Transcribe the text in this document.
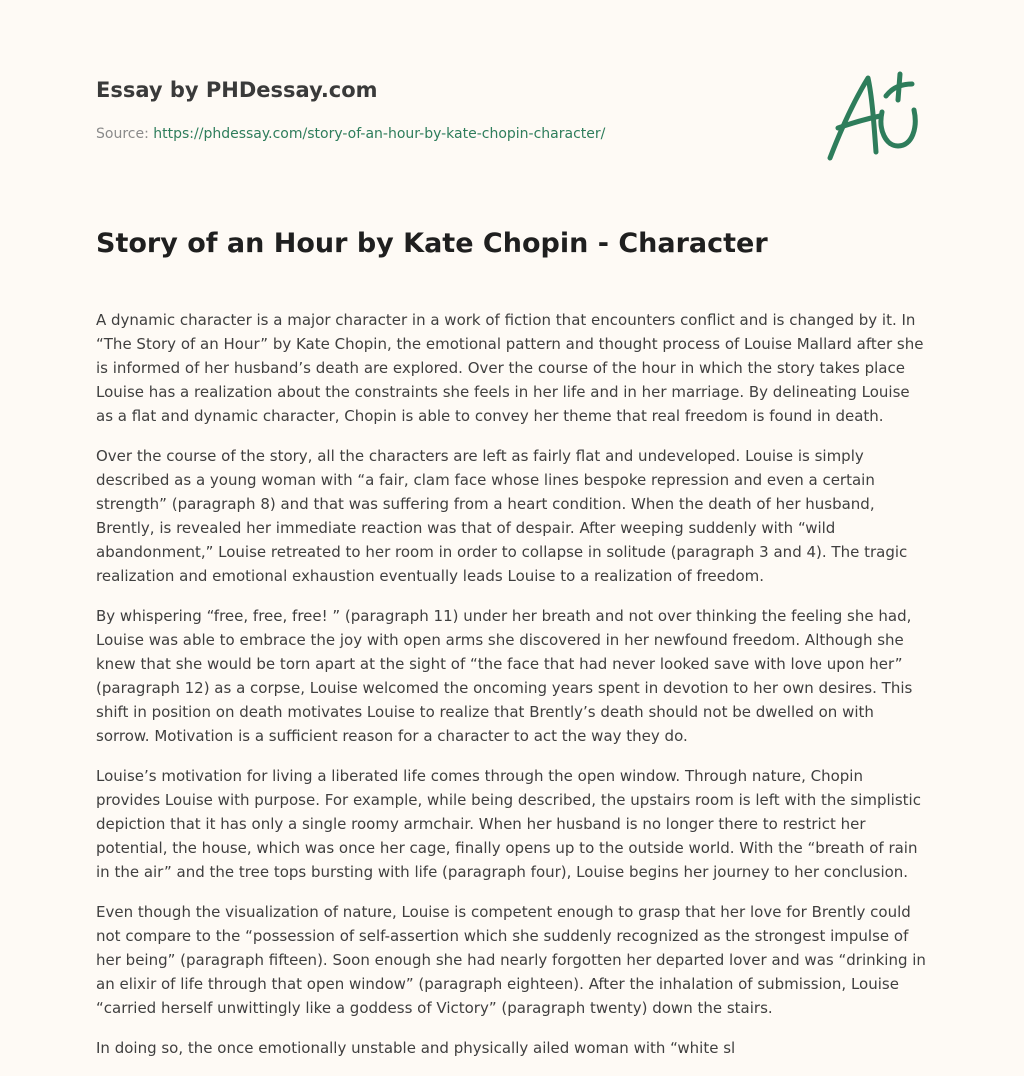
Essay by PHDessay.com
Source: https://phdessay.com/story-of-an-hour-by-kate-chopin-character/
Story of an Hour by Kate Chopin - Character

A dynamic character is a major character in a work of fiction that encounters conflict and is changed by it. In “The Story of an Hour” by Kate Chopin, the emotional pattern and thought process of Louise Mallard after she is informed of her husband’s death are explored. Over the course of the hour in which the story takes place Louise has a realization about the constraints she feels in her life and in her marriage. By delineating Louise as a flat and dynamic character, Chopin is able to convey her theme that real freedom is found in death.

Over the course of the story, all the characters are left as fairly flat and undeveloped. Louise is simply described as a young woman with “a fair, clam face whose lines bespoke repression and even a certain strength” (paragraph 8) and that was suffering from a heart condition. When the death of her husband, Brently, is revealed her immediate reaction was that of despair. After weeping suddenly with “wild abandonment,” Louise retreated to her room in order to collapse in solitude (paragraph 3 and 4). The tragic realization and emotional exhaustion eventually leads Louise to a realization of freedom.

By whispering “free, free, free! ” (paragraph 11) under her breath and not over thinking the feeling she had, Louise was able to embrace the joy with open arms she discovered in her newfound freedom. Although she knew that she would be torn apart at the sight of “the face that had never looked save with love upon her” (paragraph 12) as a corpse, Louise welcomed the oncoming years spent in devotion to her own desires. This shift in position on death motivates Louise to realize that Brently’s death should not be dwelled on with sorrow. Motivation is a sufficient reason for a character to act the way they do.

Louise’s motivation for living a liberated life comes through the open window. Through nature, Chopin provides Louise with purpose. For example, while being described, the upstairs room is left with the simplistic depiction that it has only a single roomy armchair. When her husband is no longer there to restrict her potential, the house, which was once her cage, finally opens up to the outside world. With the “breath of rain in the air” and the tree tops bursting with life (paragraph four), Louise begins her journey to her conclusion.

Even though the visualization of nature, Louise is competent enough to grasp that her love for Brently could not compare to the “possession of self-assertion which she suddenly recognized as the strongest impulse of her being” (paragraph fifteen). Soon enough she had nearly forgotten her departed lover and was “drinking in an elixir of life through that open window” (paragraph eighteen). After the inhalation of submission, Louise “carried herself unwittingly like a goddess of Victory” (paragraph twenty) down the stairs.

In doing so, the once emotionally unstable and physically ailed woman with “white sl
